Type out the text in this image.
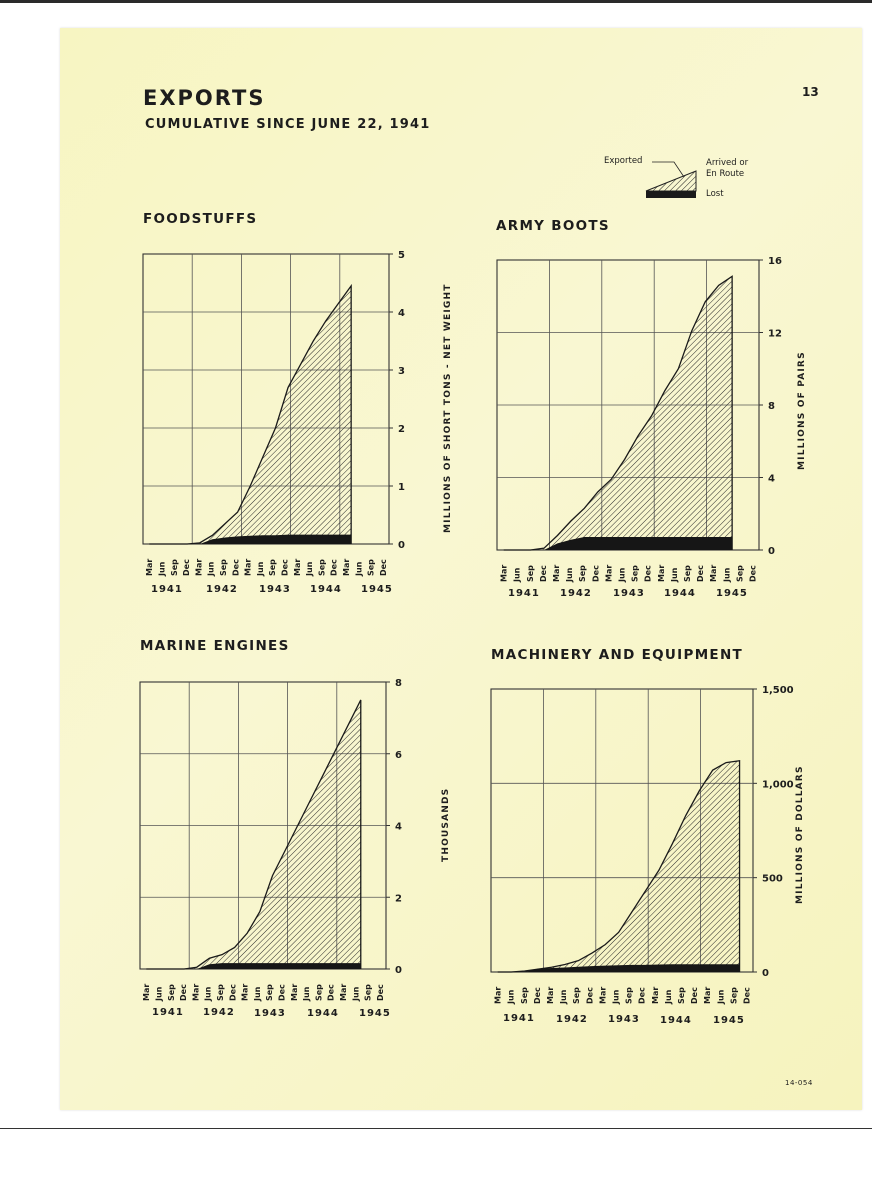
EXPORTS
CUMULATIVE SINCE JUNE 22, 1941
13
Exported	Arrived or
En Route
Lost
FOODSTUFFS
0
1
2
3
4
5
Mar Jun Sep Dec Mar Jun Sep Dec Mar Jun Sep Dec Mar Jun Sep Dec Mar Jun Sep Dec
MILLIONS OF SHORT TONS - NET WEIGHT
1941 1942 1943 1944 1945
ARMY BOOTS
0
4
8
12
16
Mar Jun Sep Dec Mar Jun Sep Dec Mar Jun Sep Dec Mar Jun Sep Dec Mar Jun Sep Dec
MILLIONS OF PAIRS
1941 1942 1943 1944 1945
MARINE ENGINES
0
2
4
6
8
Mar Jun Sep Dec Mar Jun Sep Dec Mar Jun Sep Dec Mar Jun Sep Dec Mar Jun Sep Dec
THOUSANDS
1941 1942 1943 1944 1945
MACHINERY AND EQUIPMENT
0
500
1,000
1,500
Mar Jun Sep Dec Mar Jun Sep Dec Mar Jun Sep Dec Mar Jun Sep Dec Mar Jun Sep Dec
MILLIONS OF DOLLARS
1941 1942 1943 1944 1945
14-054
